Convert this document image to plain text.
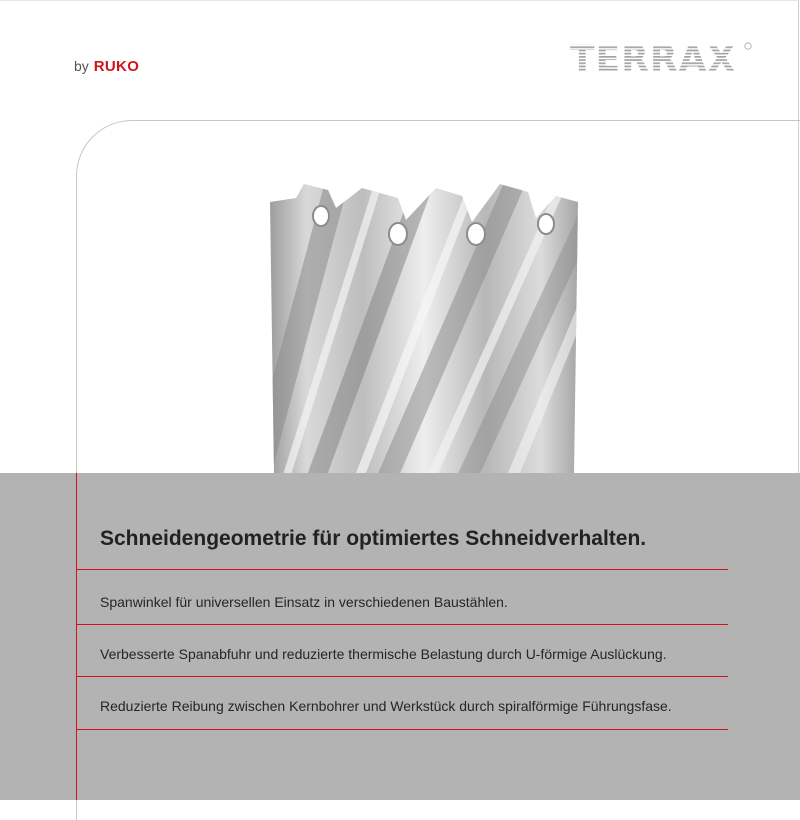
by RUKO	TERRAX
Schneidengeometrie für optimiertes Schneidverhalten.

Spanwinkel für universellen Einsatz in verschiedenen Baustählen.

Verbesserte Spanabfuhr und reduzierte thermische Belastung durch U-förmige Auslückung.

Reduzierte Reibung zwischen Kernbohrer und Werkstück durch spiralförmige Führungsfase.
